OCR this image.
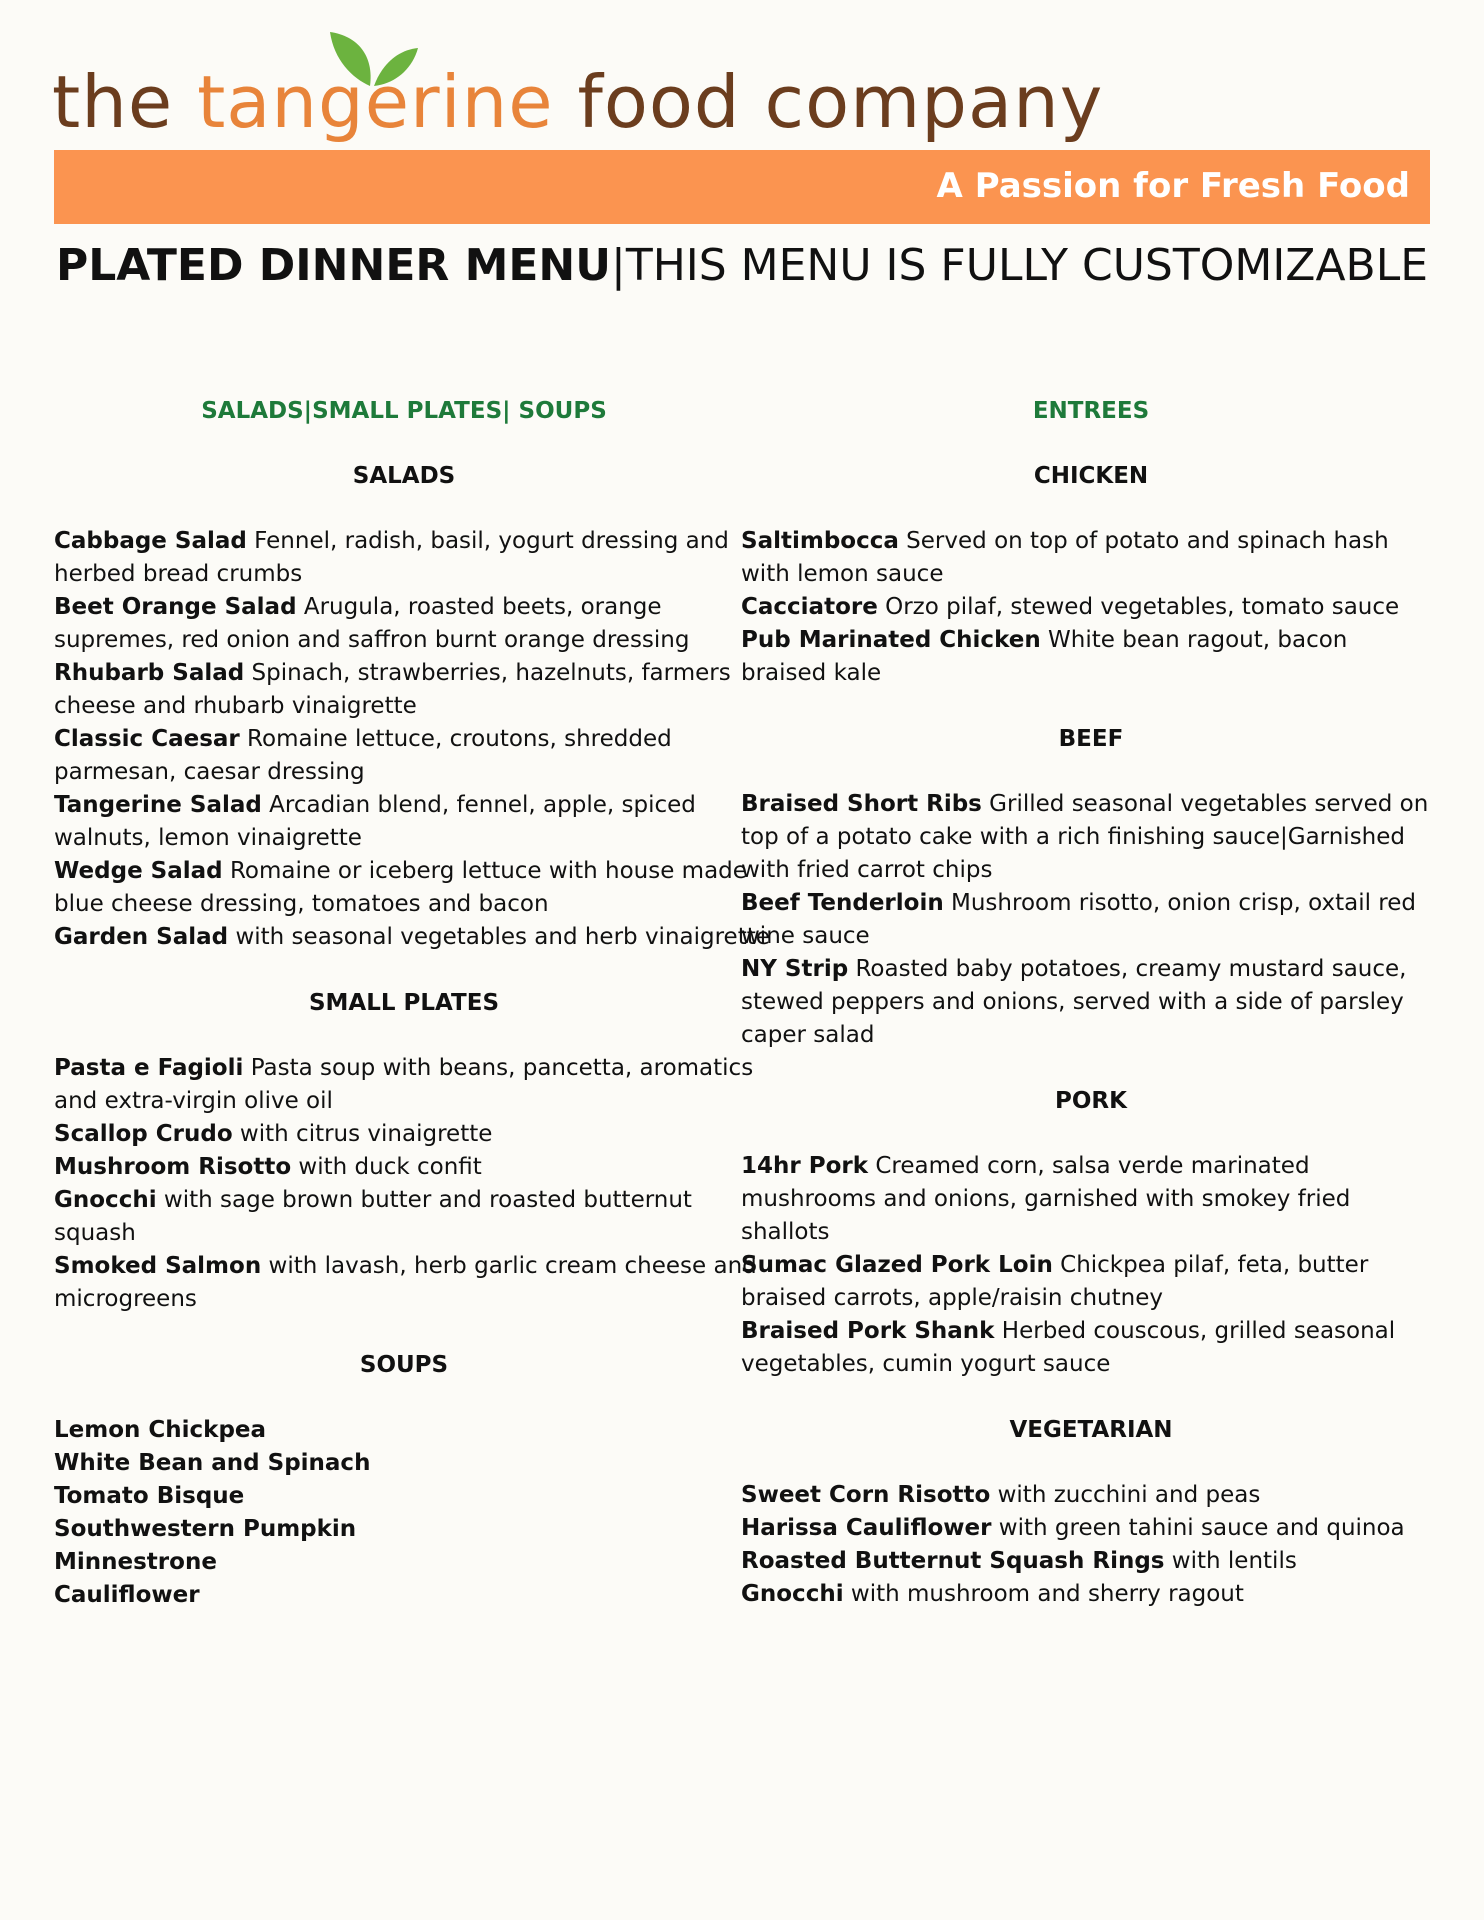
the tangerine food company
A Passion for Fresh Food
PLATED DINNER MENU|THIS MENU IS FULLY CUSTOMIZABLE
SALADS|SMALL PLATES| SOUPS
SALADS
Cabbage Salad Fennel, radish, basil, yogurt dressing and
herbed bread crumbs
Beet Orange Salad Arugula, roasted beets, orange
supremes, red onion and saffron burnt orange dressing
Rhubarb Salad Spinach, strawberries, hazelnuts, farmers
cheese and rhubarb vinaigrette
Classic Caesar Romaine lettuce, croutons, shredded
parmesan, caesar dressing
Tangerine Salad Arcadian blend, fennel, apple, spiced
walnuts, lemon vinaigrette
Wedge Salad Romaine or iceberg lettuce with house made
blue cheese dressing, tomatoes and bacon
Garden Salad with seasonal vegetables and herb vinaigrette
SMALL PLATES
Pasta e Fagioli Pasta soup with beans, pancetta, aromatics
and extra-virgin olive oil
Scallop Crudo with citrus vinaigrette
Mushroom Risotto with duck confit
Gnocchi with sage brown butter and roasted butternut
squash
Smoked Salmon with lavash, herb garlic cream cheese and
microgreens
SOUPS
Lemon Chickpea
White Bean and Spinach
Tomato Bisque
Southwestern Pumpkin
Minnestrone
Cauliflower
ENTREES
CHICKEN
Saltimbocca Served on top of potato and spinach hash with lemon sauce
Cacciatore Orzo pilaf, stewed vegetables, tomato sauce
Pub Marinated Chicken White bean ragout, bacon braised kale
BEEF
Braised Short Ribs Grilled seasonal vegetables served on top of a potato cake with a rich finishing sauce|Garnished with fried carrot chips
Beef Tenderloin Mushroom risotto, onion crisp, oxtail red wine sauce
NY Strip Roasted baby potatoes, creamy mustard sauce, stewed peppers and onions, served with a side of parsley caper salad
PORK
14hr Pork Creamed corn, salsa verde marinated mushrooms and onions, garnished with smokey fried shallots
Sumac Glazed Pork Loin Chickpea pilaf, feta, butter braised carrots, apple/raisin chutney
Braised Pork Shank Herbed couscous, grilled seasonal vegetables, cumin yogurt sauce
VEGETARIAN
Sweet Corn Risotto with zucchini and peas
Harissa Cauliflower with green tahini sauce and quinoa
Roasted Butternut Squash Rings with lentils
Gnocchi with mushroom and sherry ragout
